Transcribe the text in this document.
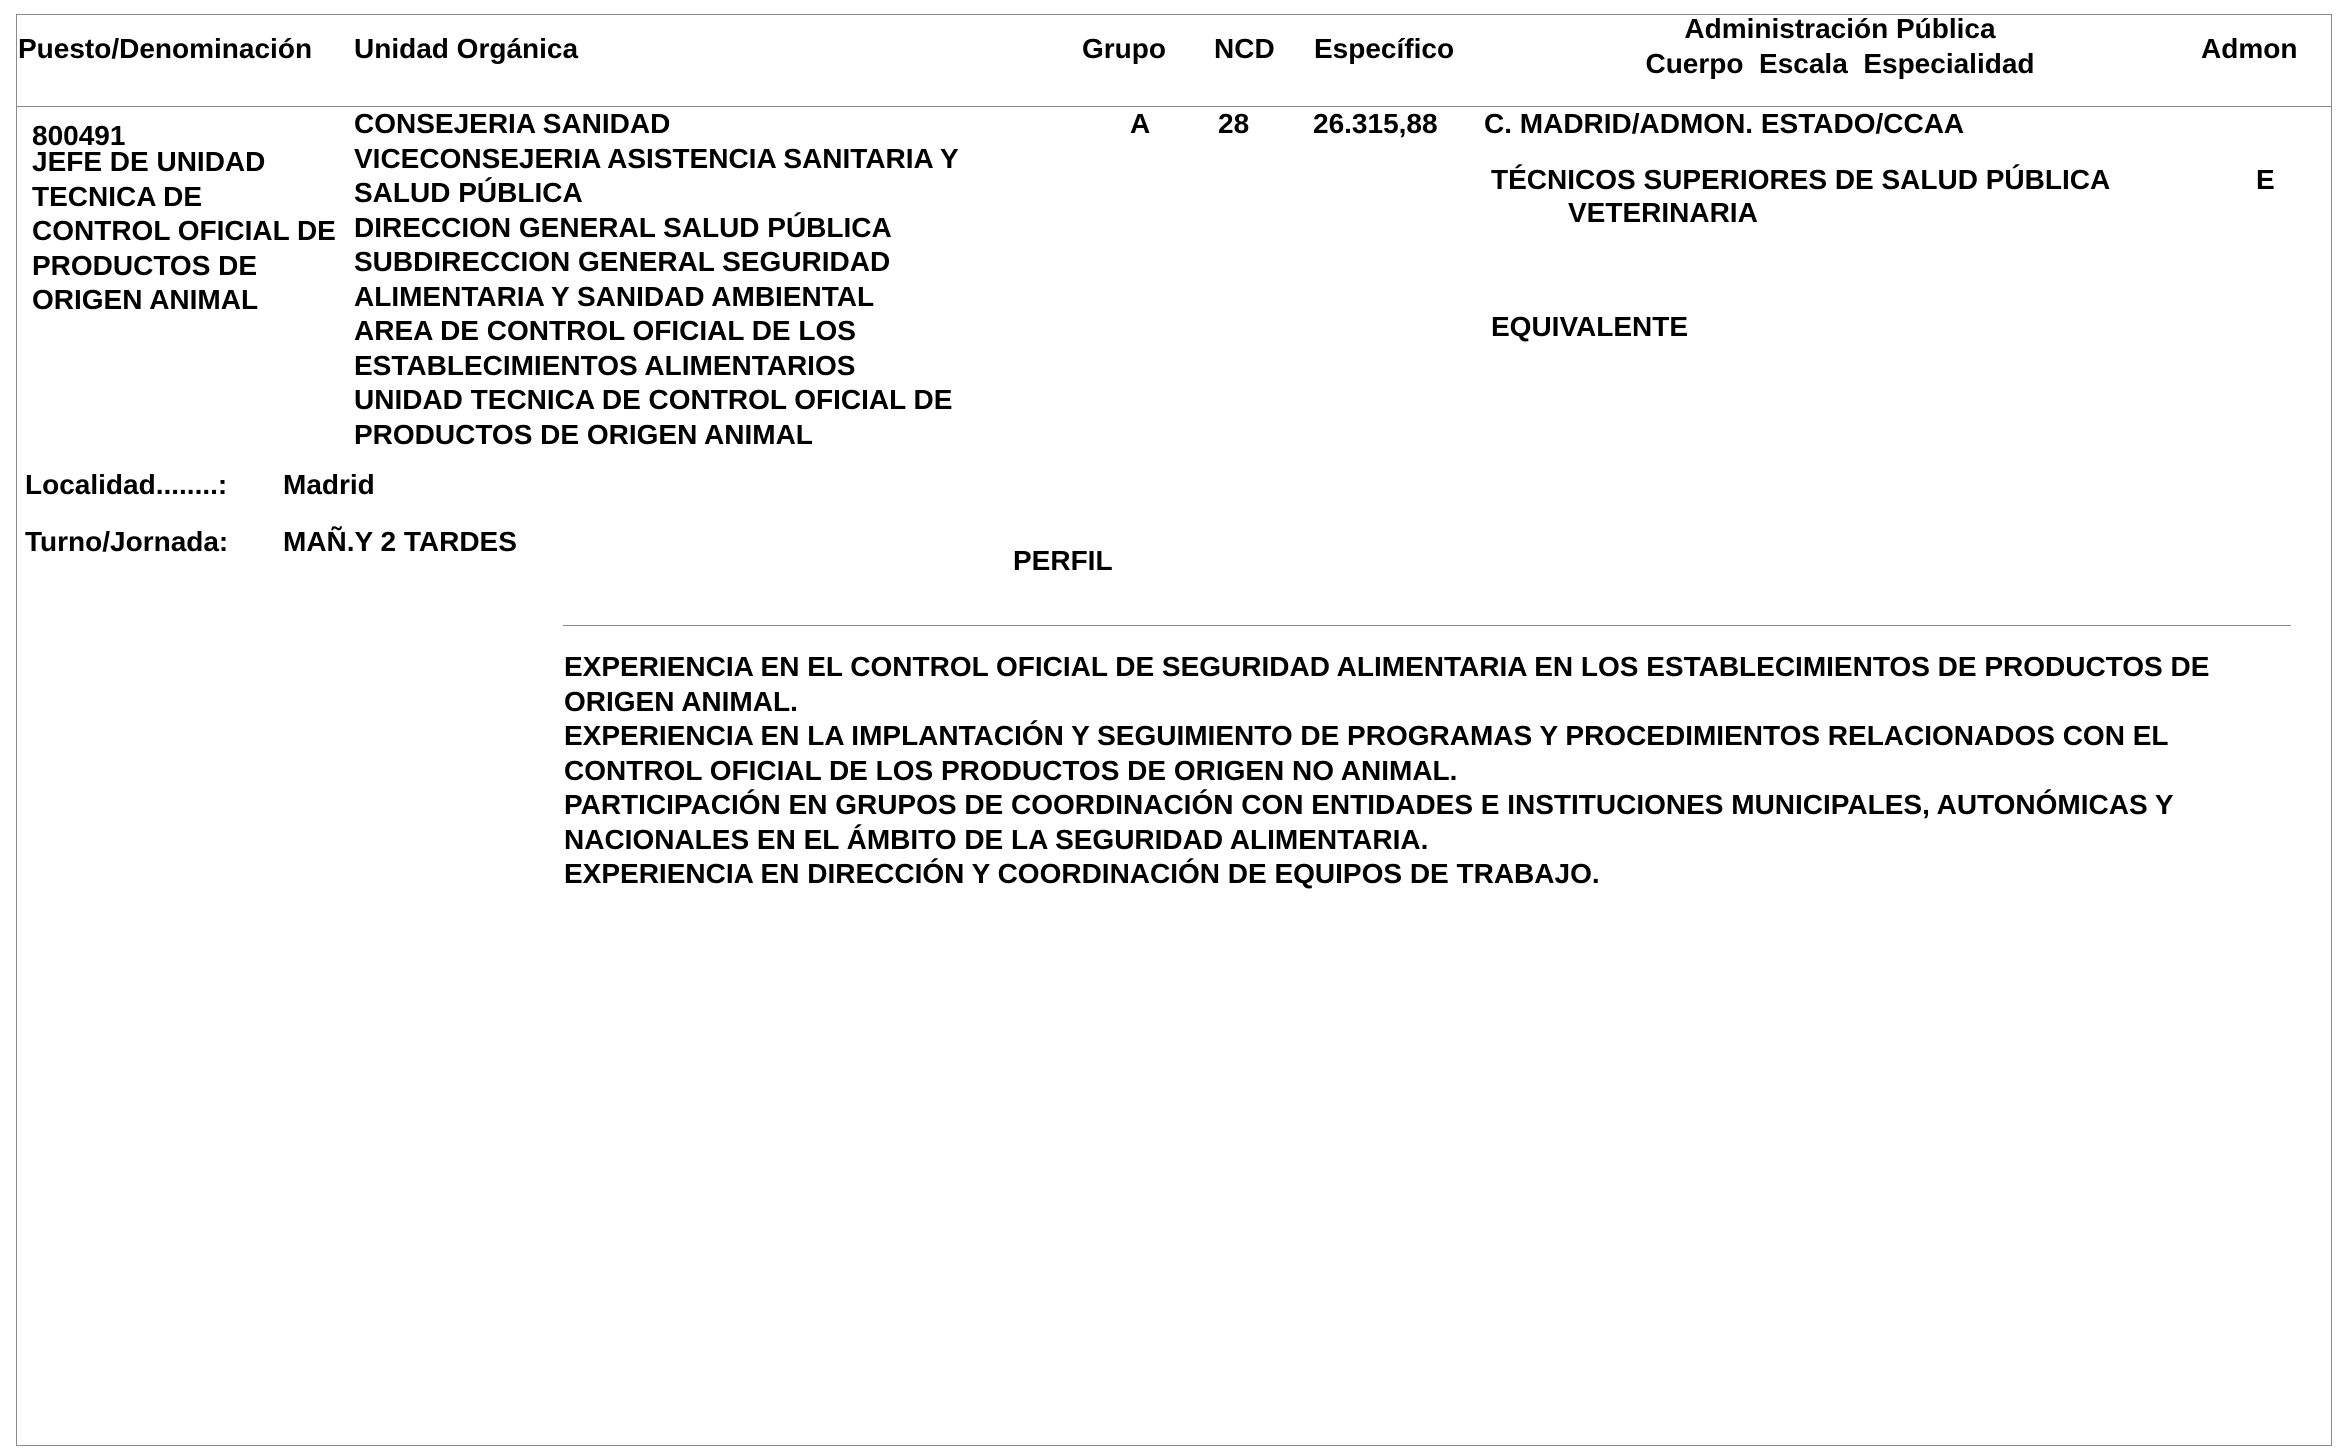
Puesto/Denominación Unidad Orgánica	Grupo NCD Específico
Administración Pública
Cuerpo  Escala  Especialidad	Admon
800491
JEFE DE UNIDAD
TECNICA DE
CONTROL OFICIAL DE
PRODUCTOS DE
ORIGEN ANIMAL
CONSEJERIA SANIDAD
VICECONSEJERIA ASISTENCIA SANITARIA Y
SALUD PÚBLICA
DIRECCION GENERAL SALUD PÚBLICA
SUBDIRECCION GENERAL SEGURIDAD
ALIMENTARIA Y SANIDAD AMBIENTAL
AREA DE CONTROL OFICIAL DE LOS
ESTABLECIMIENTOS ALIMENTARIOS
UNIDAD TECNICA DE CONTROL OFICIAL DE
PRODUCTOS DE ORIGEN ANIMAL
A 28 26.315,88 C. MADRID/ADMON. ESTADO/CCAA
TÉCNICOS SUPERIORES DE SALUD PÚBLICA
VETERINARIA
E
EQUIVALENTE
Localidad........: Madrid
Turno/Jornada: MAÑ.Y 2 TARDES
PERFIL
EXPERIENCIA EN EL CONTROL OFICIAL DE SEGURIDAD ALIMENTARIA EN LOS ESTABLECIMIENTOS DE PRODUCTOS DE
ORIGEN ANIMAL.
EXPERIENCIA EN LA IMPLANTACIÓN Y SEGUIMIENTO DE PROGRAMAS Y PROCEDIMIENTOS RELACIONADOS CON EL
CONTROL OFICIAL DE LOS PRODUCTOS DE ORIGEN NO ANIMAL.
PARTICIPACIÓN EN GRUPOS DE COORDINACIÓN CON ENTIDADES E INSTITUCIONES MUNICIPALES, AUTONÓMICAS Y
NACIONALES EN EL ÁMBITO DE LA SEGURIDAD ALIMENTARIA.
EXPERIENCIA EN DIRECCIÓN Y COORDINACIÓN DE EQUIPOS DE TRABAJO.
